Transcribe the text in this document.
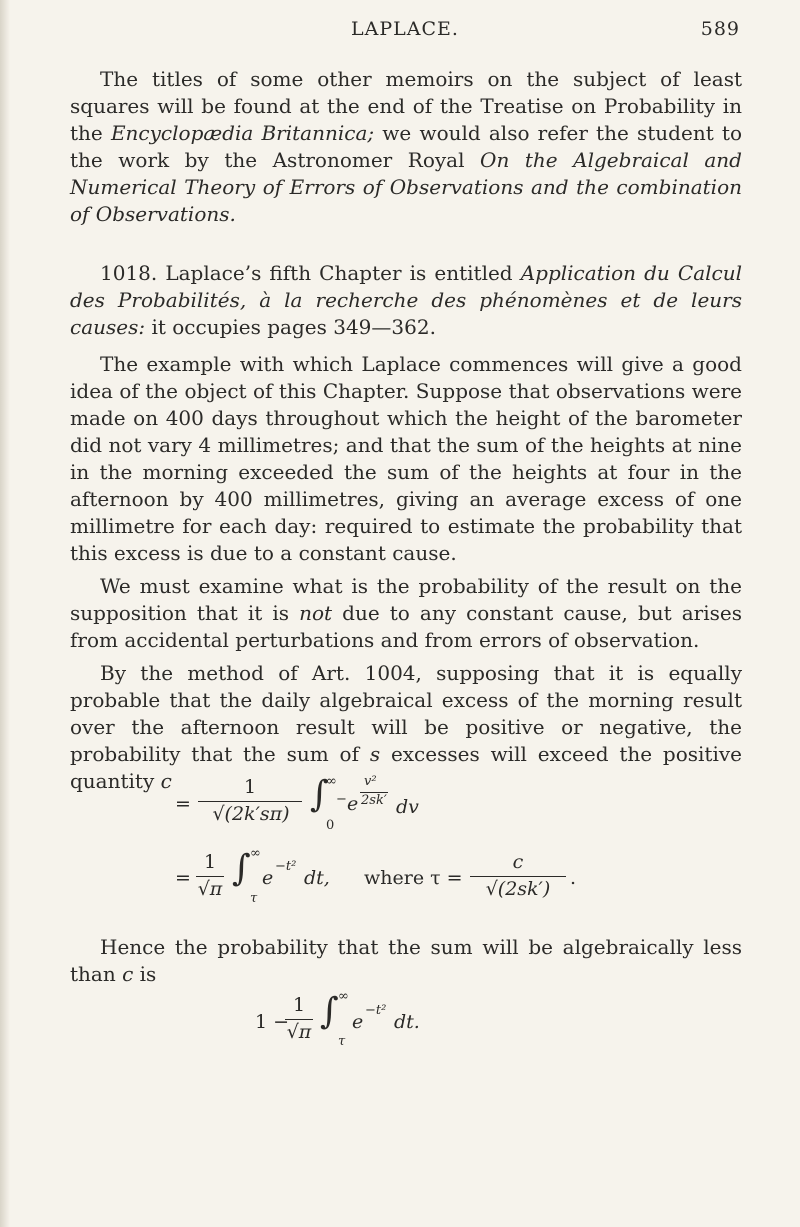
LAPLACE.	589

The titles of some other memoirs on the subject of least squares will be found at the end of the Treatise on Probability in the Encyclopædia Britannica; we would also refer the student to the work by the Astronomer Royal On the Algebraical and Numerical Theory of Errors of Observations and the combination of Observations.

1018. Laplace’s fifth Chapter is entitled Application du Calcul des Probabilités, à la recherche des phénomènes et de leurs causes: it occupies pages 349—362.

The example with which Laplace commences will give a good idea of the object of this Chapter. Suppose that observations were made on 400 days throughout which the height of the barometer did not vary 4 millimetres; and that the sum of the heights at nine in the morning exceeded the sum of the heights at four in the afternoon by 400 millimetres, giving an average excess of one millimetre for each day: required to estimate the probability that this excess is due to a constant cause.

We must examine what is the probability of the result on the supposition that it is not due to any constant cause, but arises from accidental perturbations and from errors of observation.

By the method of Art. 1004, supposing that it is equally probable that the daily algebraical excess of the morning result over the afternoon result will be positive or negative, the probability that the sum of s excesses will exceed the positive quantity c

=
1
√(2k′sπ) ∫
∞
0
− e
v²
2sk′ dv
=
1
√π ∫ ∞
τ
e
−t²
dt, where τ =
c
√(2sk′)	.

Hence the probability that the sum will be algebraically less than c is

1 −
1
√π ∫ ∞
τ
e
−t²
dt.
